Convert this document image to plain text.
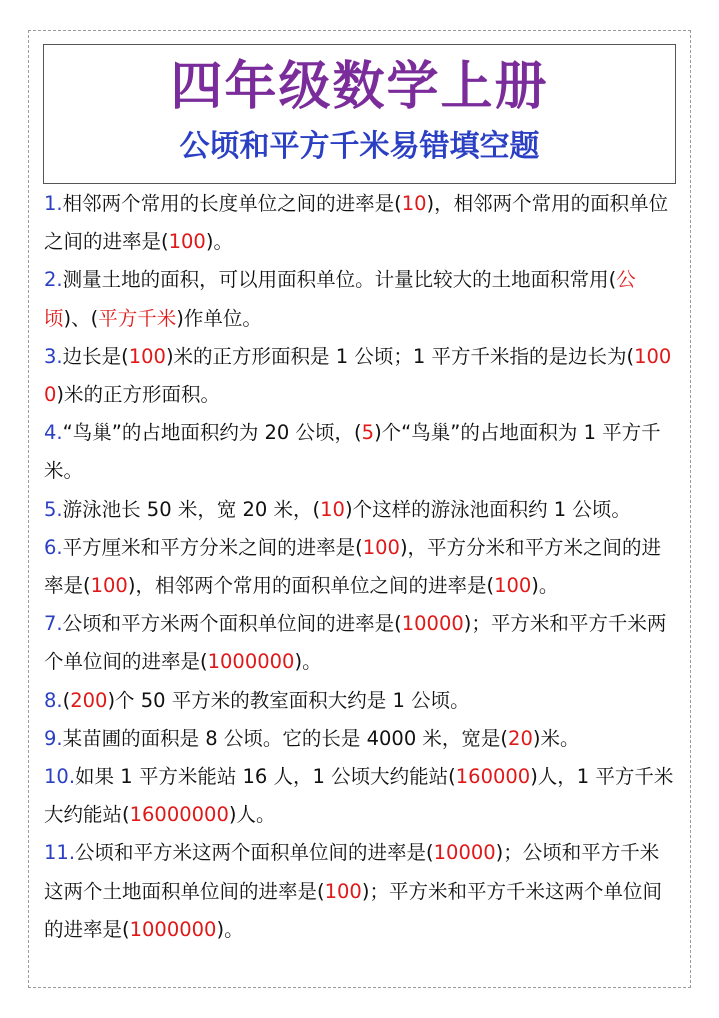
四年级数学上册
公顷和平方千米易错填空题

1.相邻两个常用的长度单位之间的进率是(10)，相邻两个常用的面积单位之间的进率是(100)。

2.测量土地的面积，可以用面积单位。计量比较大的土地面积常用(公顷)、(平方千米)作单位。

3.边长是(100)米的正方形面积是 1 公顷；1 平方千米指的是边长为(1000)米的正方形面积。

4.“鸟巢”的占地面积约为 20 公顷，(5)个“鸟巢”的占地面积为 1 平方千米。

5.游泳池长 50 米，宽 20 米，(10)个这样的游泳池面积约 1 公顷。

6.平方厘米和平方分米之间的进率是(100)，平方分米和平方米之间的进率是(100)，相邻两个常用的面积单位之间的进率是(100)。

7.公顷和平方米两个面积单位间的进率是(10000)；平方米和平方千米两个单位间的进率是(1000000)。

8.(200)个 50 平方米的教室面积大约是 1 公顷。

9.某苗圃的面积是 8 公顷。它的长是 4000 米，宽是(20)米。

10.如果 1 平方米能站 16 人，1 公顷大约能站(160000)人，1 平方千米大约能站(16000000)人。

11.公顷和平方米这两个面积单位间的进率是(10000)；公顷和平方千米这两个土地面积单位间的进率是(100)；平方米和平方千米这两个单位间的进率是(1000000)。
